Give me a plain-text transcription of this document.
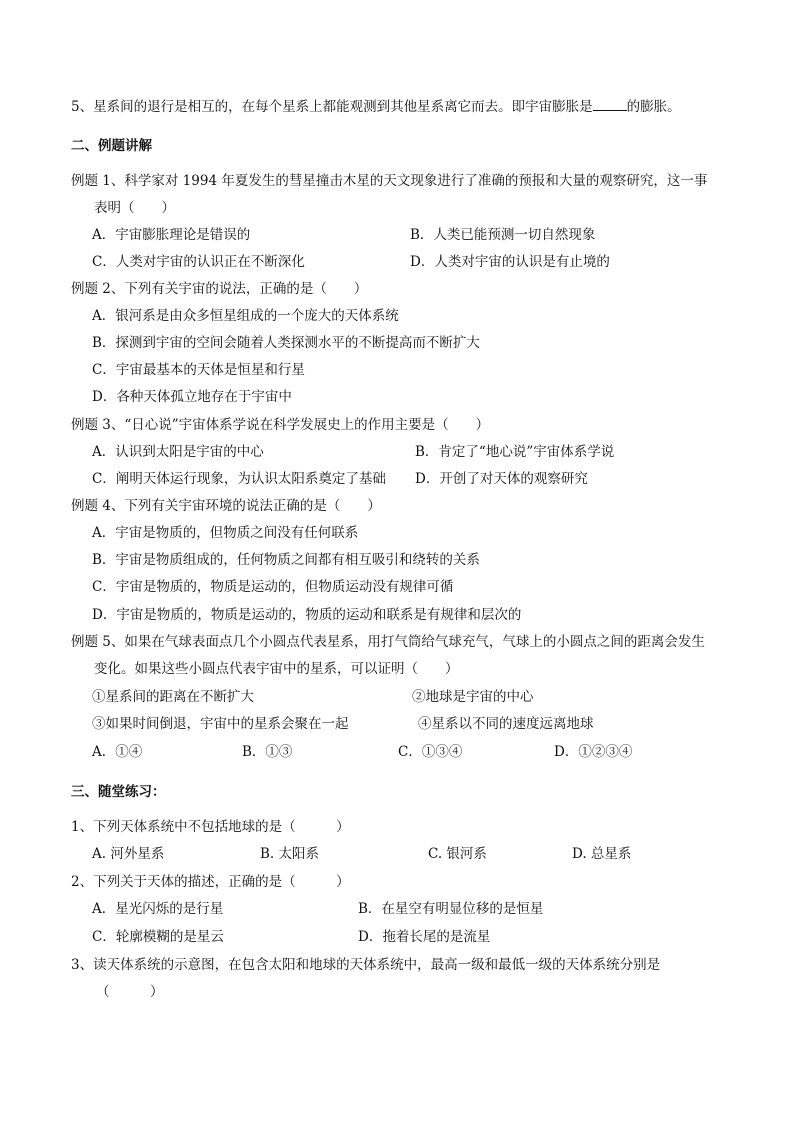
5、星系间的退行是相互的，在每个星系上都能观测到其他星系离它而去。即宇宙膨胀是	的膨胀。
二、例题讲解
例题 1、科学家对 1994 年夏发生的彗星撞击木星的天文现象进行了准确的预报和大量的观察研究，这一事
表明（　　）
A．宇宙膨胀理论是错误的	B．人类已能预测一切自然现象
C．人类对宇宙的认识正在不断深化	D．人类对宇宙的认识是有止境的
例题 2、下列有关宇宙的说法，正确的是（　　）
A．银河系是由众多恒星组成的一个庞大的天体系统
B．探测到宇宙的空间会随着人类探测水平的不断提高而不断扩大
C．宇宙最基本的天体是恒星和行星
D．各种天体孤立地存在于宇宙中
例题 3、“日心说”宇宙体系学说在科学发展史上的作用主要是（　　）
A．认识到太阳是宇宙的中心	B．肯定了“地心说”宇宙体系学说
C．阐明天体运行现象，为认识太阳系奠定了基础 D．开创了对天体的观察研究
例题 4、下列有关宇宙环境的说法正确的是（　　）
A．宇宙是物质的，但物质之间没有任何联系
B．宇宙是物质组成的，任何物质之间都有相互吸引和绕转的关系
C．宇宙是物质的，物质是运动的，但物质运动没有规律可循
D．宇宙是物质的，物质是运动的，物质的运动和联系是有规律和层次的
例题 5、如果在气球表面点几个小圆点代表星系，用打气筒给气球充气，气球上的小圆点之间的距离会发生
变化。如果这些小圆点代表宇宙中的星系，可以证明（　　）
①星系间的距离在不断扩大	②地球是宇宙的中心
③如果时间倒退，宇宙中的星系会聚在一起	④星系以不同的速度远离地球
A．①④	B．①③	C．①③④	D．①②③④
三、随堂练习：
1、下列天体系统中不包括地球的是（　　　）
A. 河外星系	B. 太阳系	C. 银河系	D. 总星系
2、下列关于天体的描述，正确的是（　　　）
A．星光闪烁的是行星	B．在星空有明显位移的是恒星
C．轮廓模糊的是星云	D．拖着长尾的是流星
3、读天体系统的示意图，在包含太阳和地球的天体系统中，最高一级和最低一级的天体系统分别是
（　　　）
